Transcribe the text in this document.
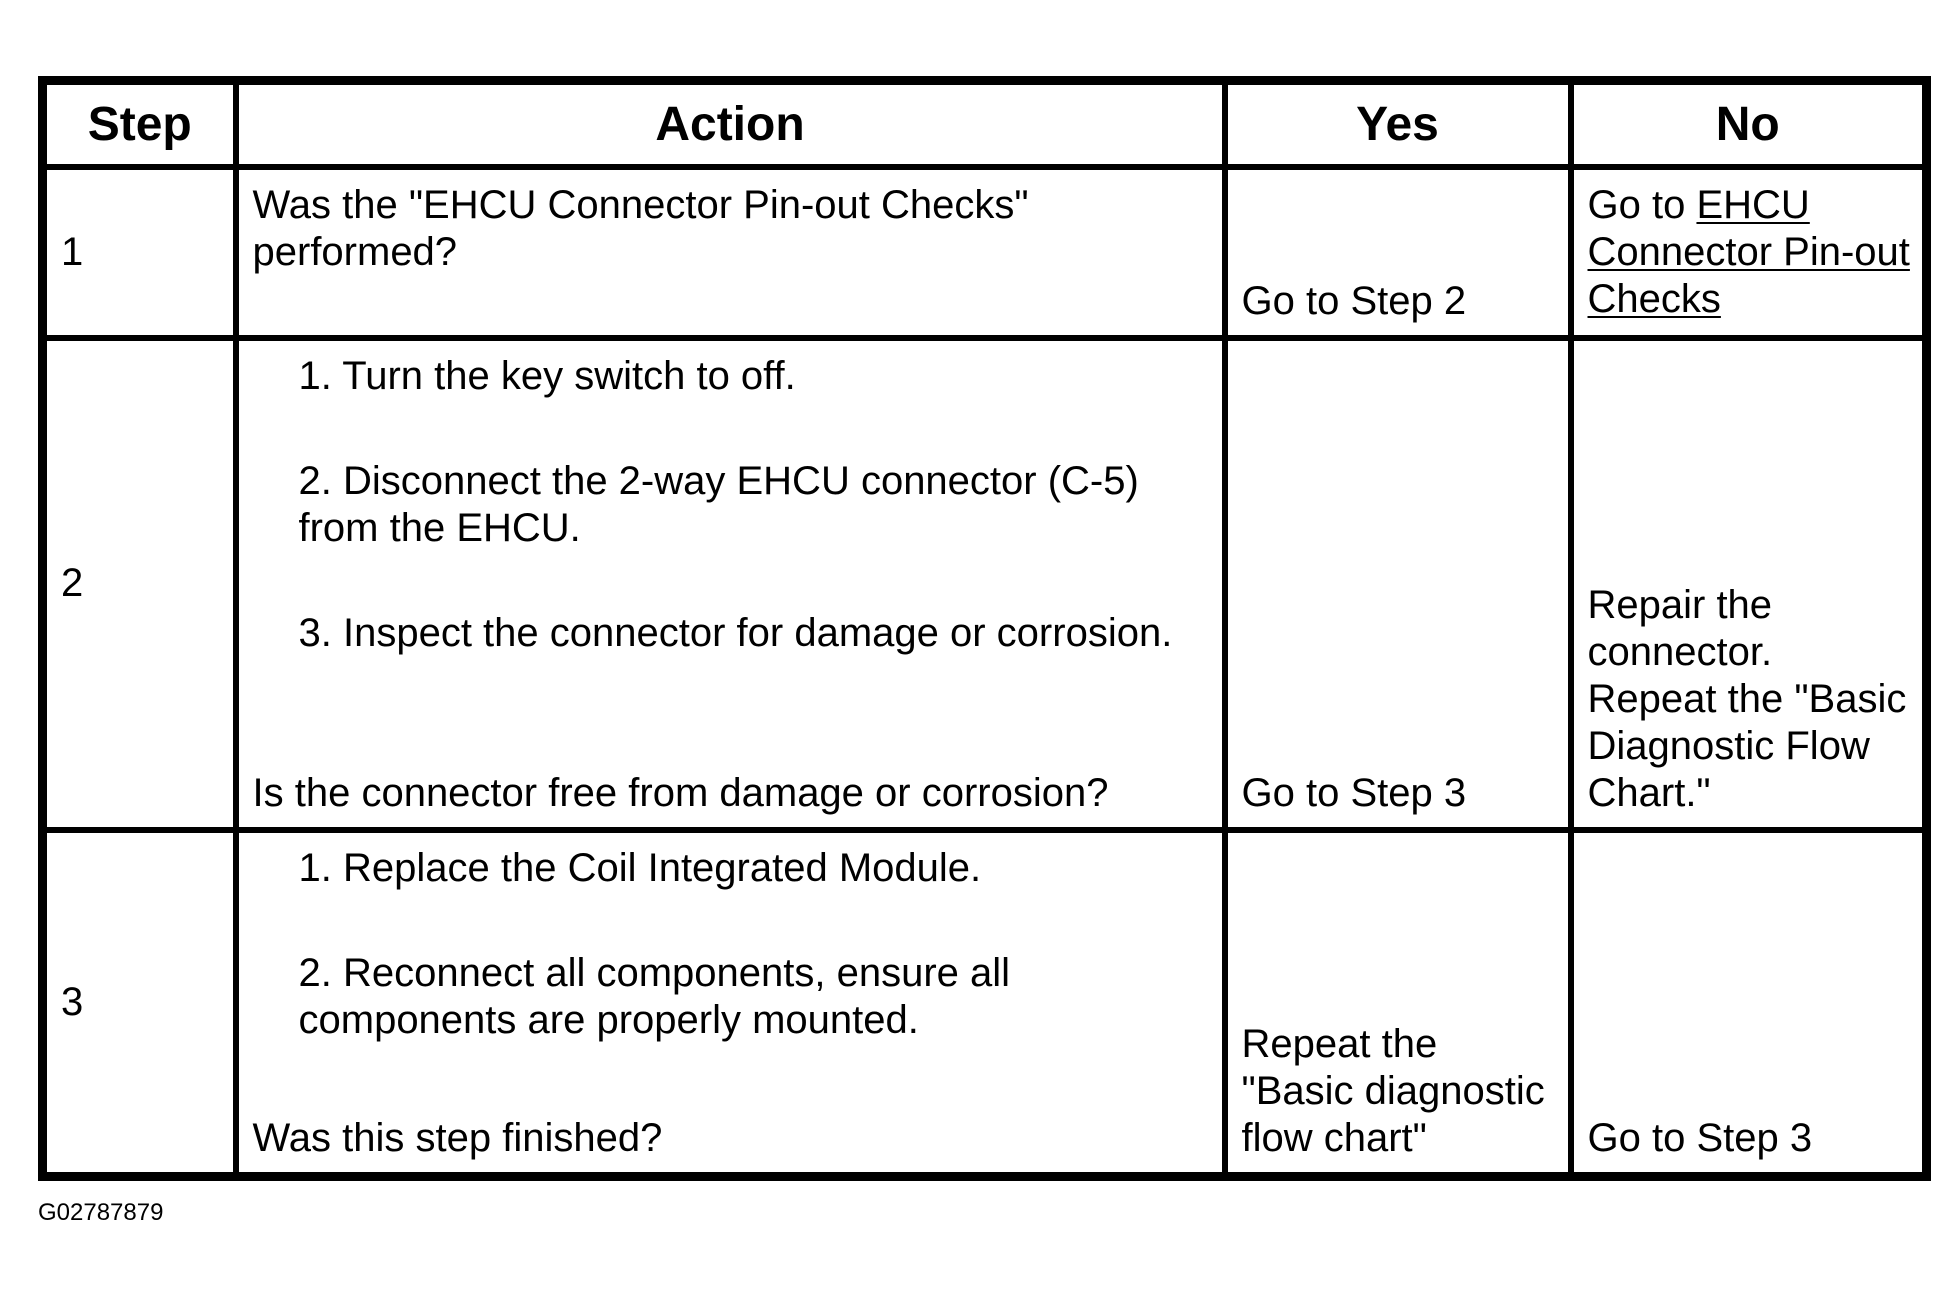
Step	Action	Yes	No
1	Was the "EHCU Connector Pin-out Checks" performed?	Go to Step 2	Go to EHCU Connector Pin-out Checks

2	1. Turn the key switch to off.
2. Disconnect the 2-way EHCU connector (C-5) from the EHCU.
3. Inspect the connector for damage or corrosion.
Is the connector free from damage or corrosion?	Go to Step 3	Repair the connector. Repeat the "Basic Diagnostic Flow Chart."

3	1. Replace the Coil Integrated Module.
2. Reconnect all components, ensure all components are properly mounted.
Was this step finished?	Repeat the "Basic diagnostic flow chart"	Go to Step 3
G02787879
